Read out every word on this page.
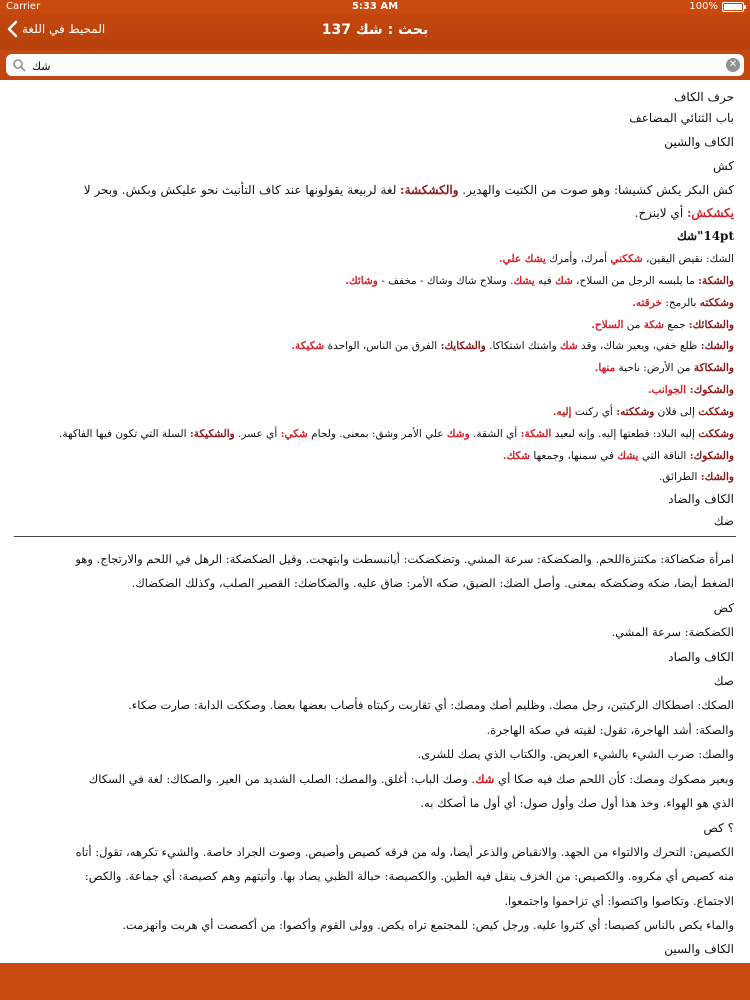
Carrier	5:33 AM	100%
المحيط في اللغة	137 بحث : شك
شك
✕
حرف الكاف
باب الثنائي المضاعف
الكاف والشين
كش
كش البكر يكش كشيشا: وهو صوت من الكتيت والهدير. والكشكشة: لغة لربيعة يقولونها عند كاف التأنيث نحو عليكش وبكش. وبحر لا
يكشكش: أي لاينزح.
14pt"شك
الشك: نقيض اليقين، شككني أمرك، وأمرك يشك علي.
والشكة: ما يلبسه الرجل من السلاح، شك فيه يشك. وسلاح شاك وشاك - مخفف - وشائك.
وشككته بالرمح: خرقته.
والشكائك: جمع شكة من السلاح.
والشك: ظلع خفي، ويعير شاك، وقد شك واشتك اشتكاكا. والشكايك: الفرق من الناس، الواحدة شكيكة.
والشكاكة من الأرض: ناحية منها.
والشكوك: الجوانب.
وشككت إلى فلان وشككته: أي ركنت إليه.
وشككت إليه البلاد: قطعتها إليه. وإنه لبعيد الشكة: أي الشقة. وشك علي الأمر وشق: بمعنى. ولجام شكي: أي عسر. والشكيكة: السلة التي تكون فيها الفاكهة.
والشكوك: الناقة التي يشك في سمنها، وجمعها شكك.
والشك: الطرائق.
الكاف والضاد
ضك
امرأة ضكضاكة: مكتنزةاللحم. والضكضكة: سرعة المشي. وتضكضكت: أيانبسطت وابتهجت. وقيل الضكضكة: الرهل في اللحم والارتجاج. وهو
الضغط أيضا، ضكه وضكضكه بمعنى. وأصل الضك: الضيق، ضكه الأمر: ضاق عليه. والضكاضك: القصير الصلب، وكذلك الضكضاك.
كض
الكضكضة: سرعة المشي.
الكاف والصاد
صك
الصكك: اصطكاك الركبتين، رجل مصك. وظليم أصك ومصك: أي تقاربت ركبتاه فأصاب بعضها بعضا. وصككت الدابة: صارت صكاء.
والصكة: أشد الهاجرة، تقول: لقيته في صكة الهاجرة.
والصك: ضرب الشيء بالشيء العريض. والكتاب الذي يصك للشرى.
وبعير مصكوك ومصك: كأن اللحم صك فيه صكا أي شك. وصك الباب: أغلق. والمصك: الصلب الشديد من العير. والصكاك: لغة في السكاك
الذي هو الهواء. وخذ هذا أول صك وأول صول: أي أول ما أصكك به.
؟ كص
الكصيص: التحرك والالتواء من الجهد. والانقباض والذعر أيضا، وله من فرقه كصيص وأصيص. وصوت الجراد خاصة. والشيء تكرهه، تقول: أتاه
منه كصيص أي مكروه. والكصيص: من الخزف ينقل فيه الطين. والكصيصة: حبالة الظبي يصاد بها. وأتيتهم وهم كصيصة: أي جماعة. والكص:
الاجتماع. وتكاصوا واكتصوا: أي تزاحموا واجتمعوا.
والماء يكص بالناس كصيصا: أي كثروا عليه. ورجل كيص: للمجتمع تراه يكص. وولى القوم وأكصوا: من أكصصت أي هربت وانهزمت.
الكاف والسين
